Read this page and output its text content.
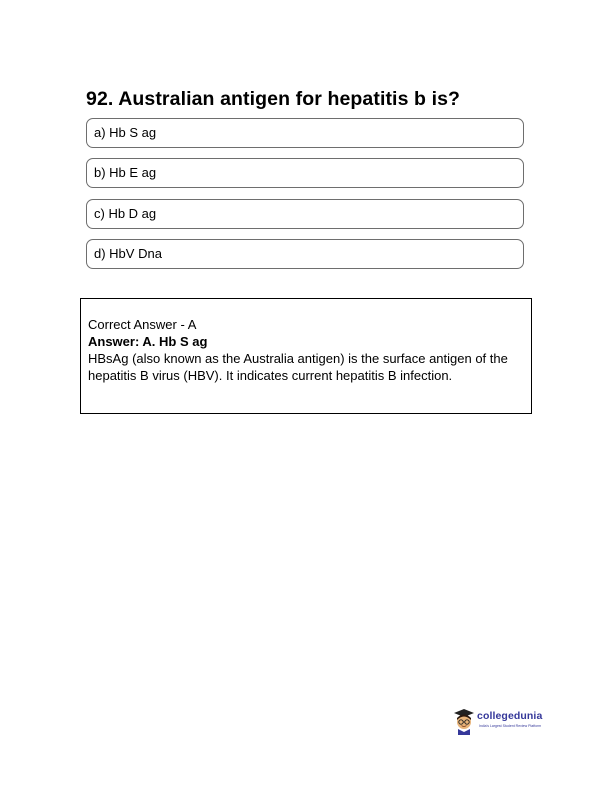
92. Australian antigen for hepatitis b is?
a) Hb S ag
b) Hb E ag
c) Hb D ag
d) HbV Dna
Correct Answer - A
Answer: A. Hb S ag
HBsAg (also known as the Australia antigen) is the surface antigen of the hepatitis B virus (HBV). It indicates current hepatitis B infection.
collegedunia
India's Largest Student Review Platform
